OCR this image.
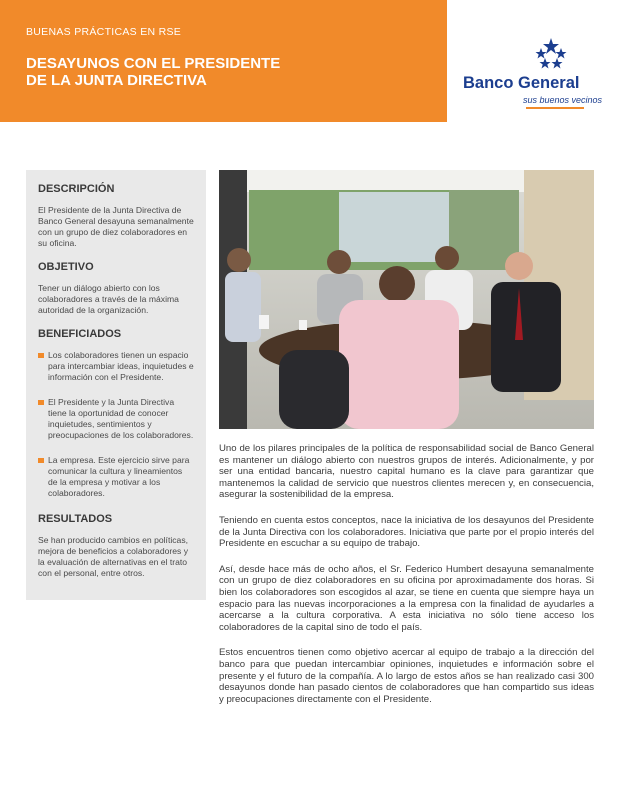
BUENAS PRÁCTICAS EN RSE
DESAYUNOS CON EL PRESIDENTE
DE LA JUNTA DIRECTIVA	Banco General
sus buenos vecinos
DESCRIPCIÓN
El Presidente de la Junta Directiva de Banco General desayuna semanalmente con un grupo de diez colaboradores en su oficina.
OBJETIVO
Tener un diálogo abierto con los colaboradores a través de la máxima autoridad de la organización.
BENEFICIADOS
Los colaboradores tienen un espacio para intercambiar ideas, inquietudes e información con el Presidente.
El Presidente y la Junta Directiva tiene la oportunidad de conocer inquietudes, sentimientos y preocupaciones de los colaboradores.
La empresa. Este ejercicio sirve para comunicar la cultura y lineamientos de la empresa y motivar a los colaboradores.
RESULTADOS
Se han producido cambios en políticas, mejora de beneficios a colaboradores y la evaluación de alternativas en el trato con el personal, entre otros.

Uno de los pilares principales de la política de responsabilidad social de Banco General es mantener un diálogo abierto con nuestros grupos de interés. Adicionalmente, y por ser una entidad bancaria, nuestro capital humano es la clave para garantizar que mantenemos la calidad de servicio que nuestros clientes merecen y, en consecuencia, asegurar la sostenibilidad de la empresa.

Teniendo en cuenta estos conceptos, nace la iniciativa de los desayunos del Presidente de la Junta Directiva con los colaboradores. Iniciativa que parte por el propio interés del Presidente en escuchar a su equipo de trabajo.

Así, desde hace más de ocho años, el Sr. Federico Humbert desayuna semanalmente con un grupo de diez colaboradores en su oficina por aproximadamente dos horas. Si bien los colaboradores son escogidos al azar, se tiene en cuenta que siempre haya un espacio para las nuevas incorporaciones a la empresa con la finalidad de ayudarles a acercarse a la cultura corporativa. A esta iniciativa no sólo tiene acceso los colaboradores de la capital sino de todo el país.

Estos encuentros tienen como objetivo acercar al equipo de trabajo a la dirección del banco para que puedan intercambiar opiniones, inquietudes e información sobre el presente y el futuro de la compañía. A lo largo de estos años se han realizado casi 300 desayunos donde han pasado cientos de colaboradores que han compartido sus ideas y preocupaciones directamente con el Presidente.
